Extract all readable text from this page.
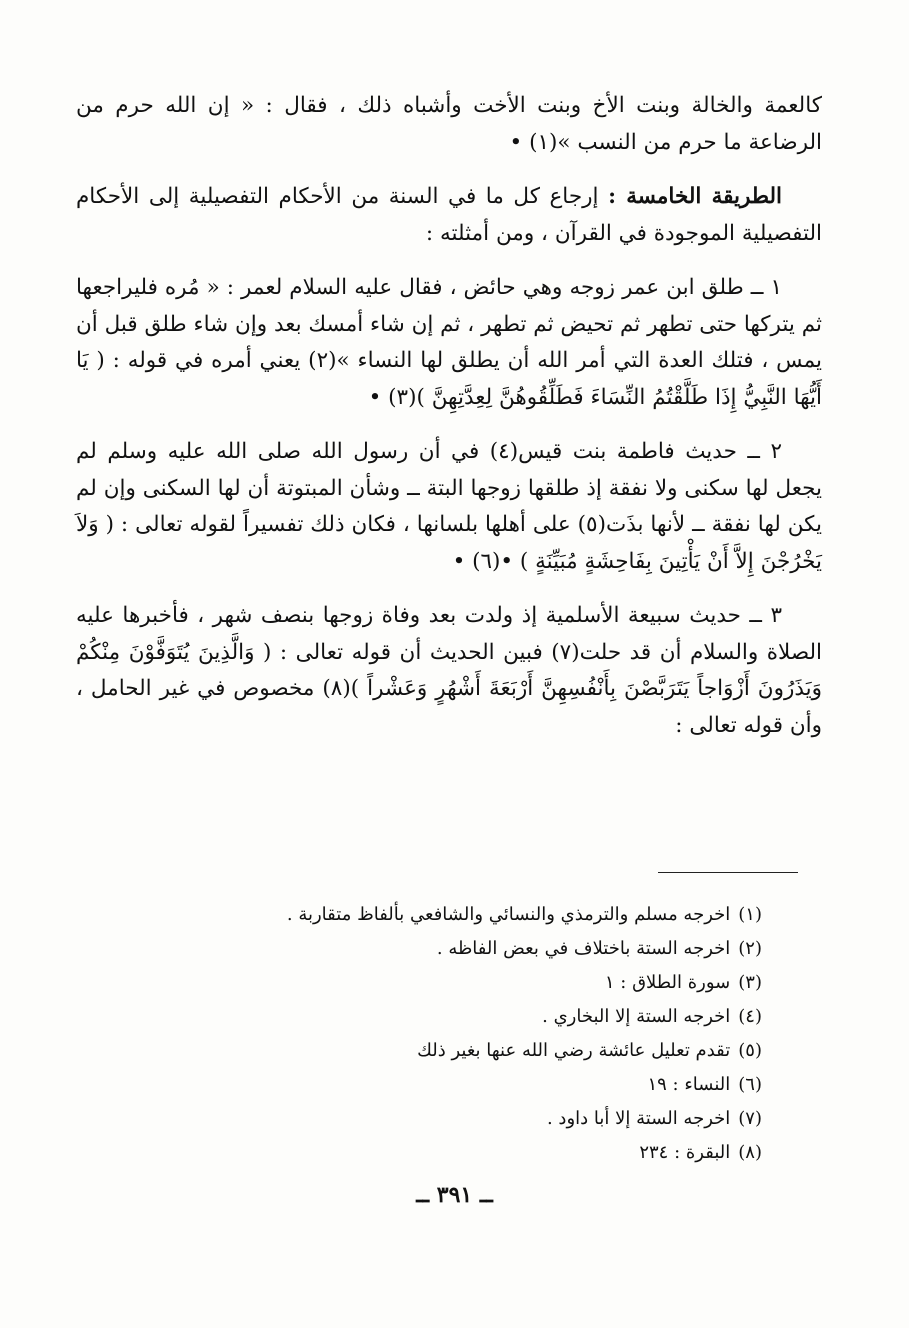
كالعمة والخالة وبنت الأخ وبنت الأخت وأشباه ذلك ، فقال : « إن الله حرم من الرضاعة ما حرم من النسب »(١) •

الطريقة الخامسة : إرجاع كل ما في السنة من الأحكام التفصيلية إلى الأحكام التفصيلية الموجودة في القرآن ، ومن أمثلته :

١ ــ طلق ابن عمر زوجه وهي حائض ، فقال عليه السلام لعمر : « مُره فليراجعها ثم يتركها حتى تطهر ثم تحيض ثم تطهر ، ثم إن شاء أمسك بعد وإن شاء طلق قبل أن يمس ، فتلك العدة التي أمر الله أن يطلق لها النساء »(٢) يعني أمره في قوله : ( يَا أَيُّهَا النَّبِيُّ إِذَا طَلَّقْتُمُ النِّسَاءَ فَطَلِّقُوهُنَّ لِعِدَّتِهِنَّ )(٣) •

٢ ــ حديث فاطمة بنت قيس(٤) في أن رسول الله صلى الله عليه وسلم لم يجعل لها سكنى ولا نفقة إذ طلقها زوجها البتة ــ وشأن المبتوتة أن لها السكنى وإن لم يكن لها نفقة ــ لأنها بذَت(٥) على أهلها بلسانها ، فكان ذلك تفسيراً لقوله تعالى : ( وَلاَ يَخْرُجْنَ إِلاَّ أَنْ يَأْتِينَ بِفَاحِشَةٍ مُبَيِّنَةٍ ) •(٦) •

٣ ــ حديث سبيعة الأسلمية إذ ولدت بعد وفاة زوجها بنصف شهر ، فأخبرها عليه الصلاة والسلام أن قد حلت(٧) فبين الحديث أن قوله تعالى : ( وَالَّذِينَ يُتَوَفَّوْنَ مِنْكُمْ وَيَذَرُونَ أَزْوَاجاً يَتَرَبَّصْنَ بِأَنْفُسِهِنَّ أَرْبَعَةَ أَشْهُرٍ وَعَشْراً )(٨) مخصوص في غير الحامل ، وأن قوله تعالى :

(١)اخرجه مسلم والترمذي والنسائي والشافعي بألفاظ متقاربة .
(٢)اخرجه الستة باختلاف في بعض الفاظه .
(٣)سورة الطلاق : ١
(٤)اخرجه الستة إلا البخاري .
(٥)تقدم تعليل عائشة رضي الله عنها بغير ذلك
(٦)النساء : ١٩
(٧)اخرجه الستة إلا أبا داود .
(٨)البقرة : ٢٣٤
ــ ٣٩١ ــ
